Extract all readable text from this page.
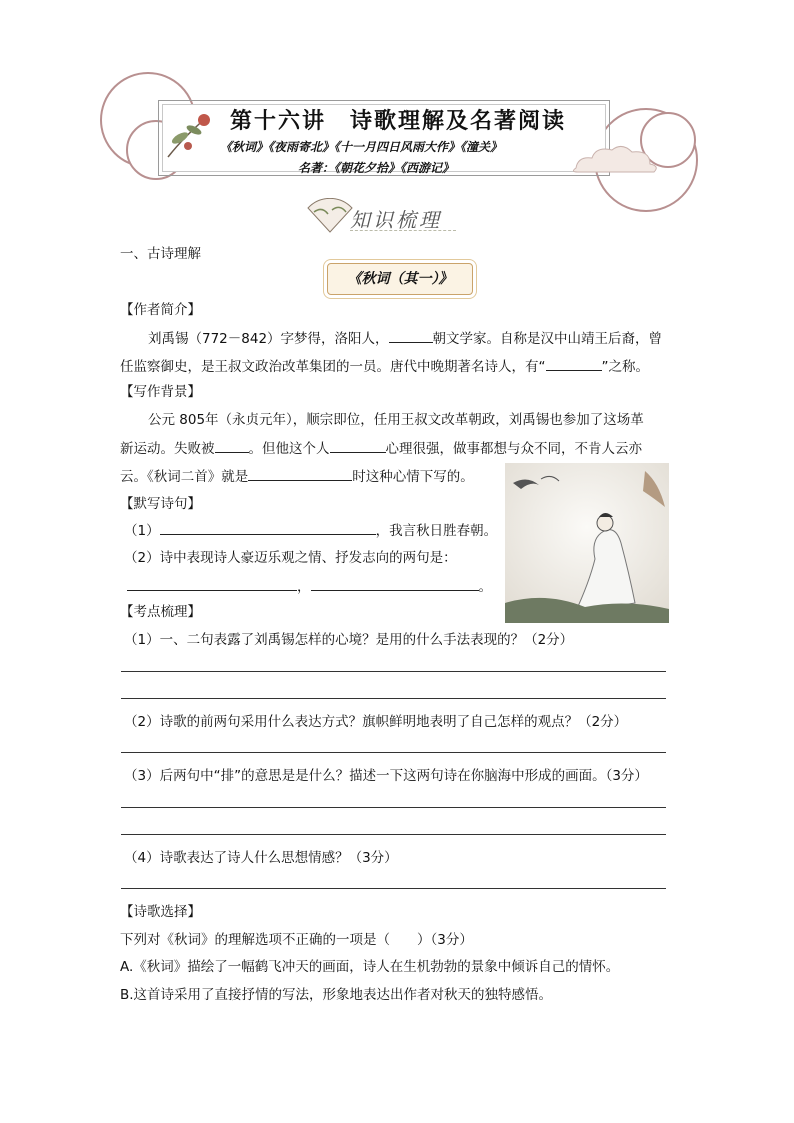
第十六讲　诗歌理解及名著阅读
《秋词》《夜雨寄北》《十一月四日风雨大作》《潼关》
名著：《朝花夕拾》《西游记》
知识梳理
一、古诗理解
《秋词（其一）》
【作者简介】
刘禹锡（772－842）字梦得，洛阳人，	朝文学家。自称是汉中山靖王后裔，曾
任监察御史，是王叔文政治改革集团的一员。唐代中晚期著名诗人，有“	”之称。
【写作背景】
公元 805年（永贞元年），顺宗即位，任用王叔文改革朝政，刘禹锡也参加了这场革
新运动。失败被	。但他这个人	心理很强，做事都想与众不同，不肯人云亦
云。《秋词二首》就是	时这种心情下写的。
【默写诗句】
（1）	，我言秋日胜春朝。
（2）诗中表现诗人豪迈乐观之情、抒发志向的两句是：
，	。
【考点梳理】
（1）一、二句表露了刘禹锡怎样的心境？是用的什么手法表现的？（2分）
（2）诗歌的前两句采用什么表达方式？旗帜鲜明地表明了自己怎样的观点？（2分）
（3）后两句中“排”的意思是是什么？描述一下这两句诗在你脑海中形成的画面。（3分）
（4）诗歌表达了诗人什么思想情感？（3分）
【诗歌选择】
下列对《秋词》的理解选项不正确的一项是（　　）（3分）
A.《秋词》描绘了一幅鹤飞冲天的画面，诗人在生机勃勃的景象中倾诉自己的情怀。
B.这首诗采用了直接抒情的写法，形象地表达出作者对秋天的独特感悟。
